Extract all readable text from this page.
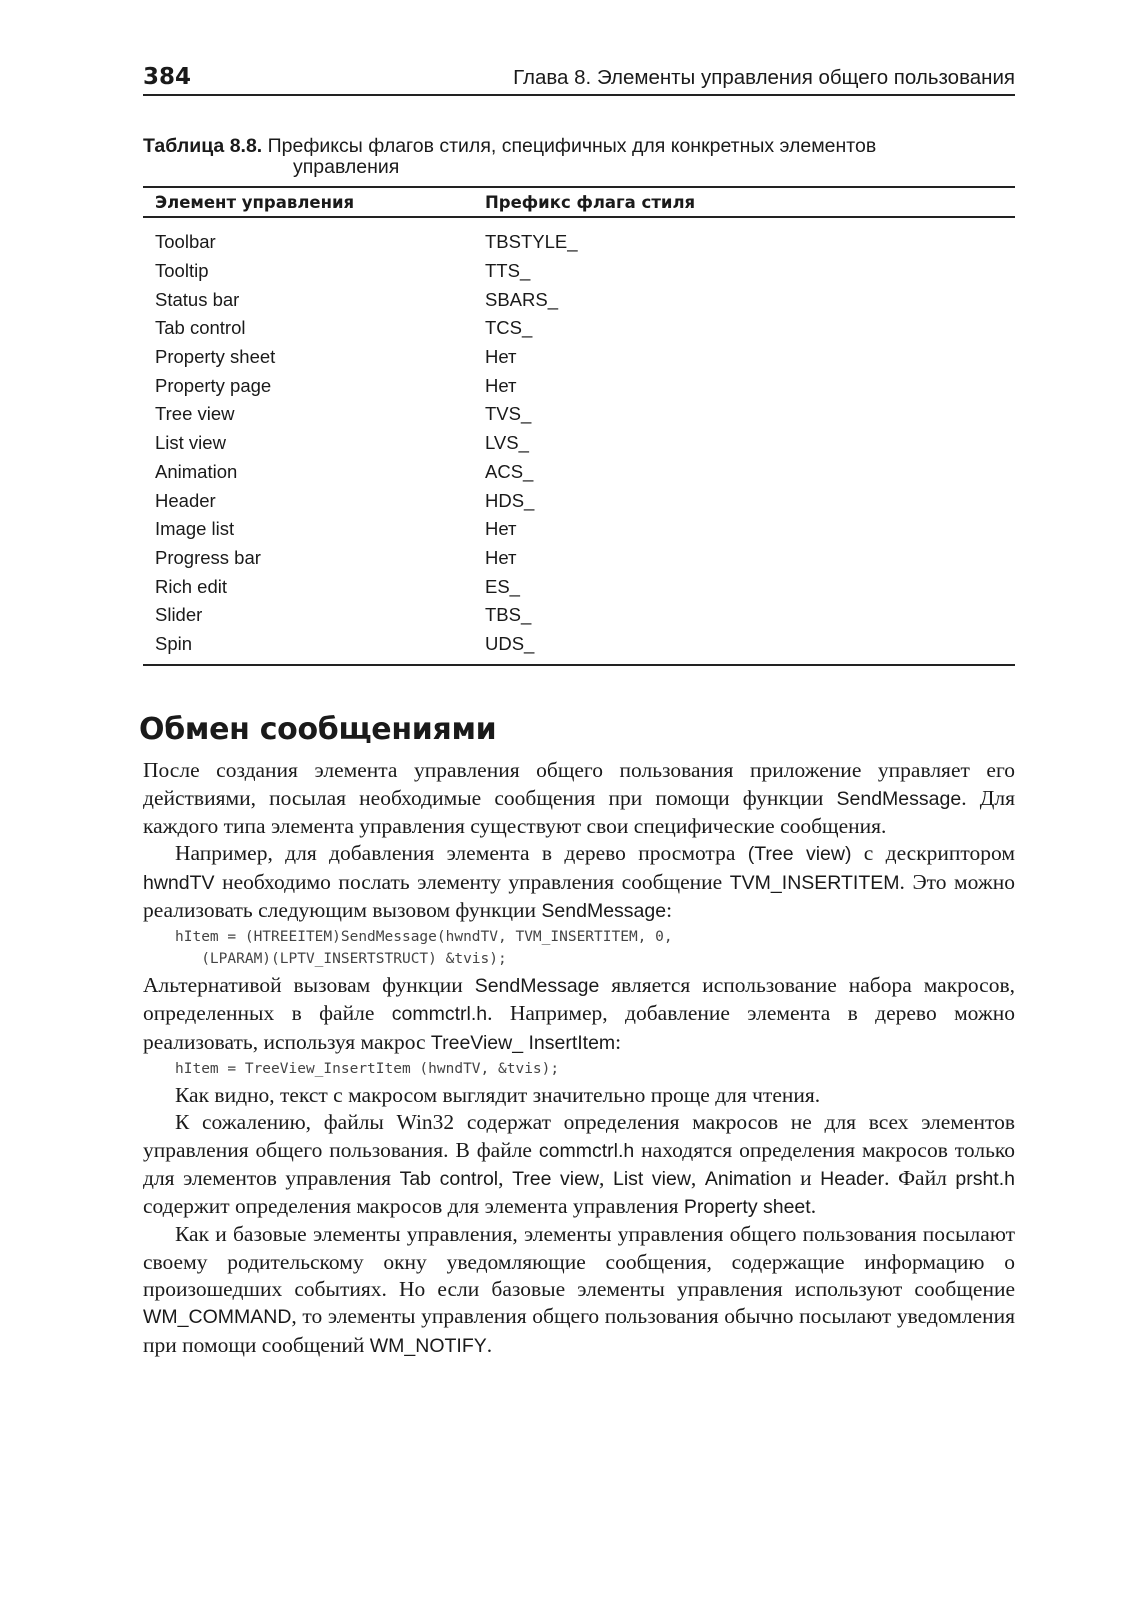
384	Глава 8. Элементы управления общего пользования
Таблица 8.8. Префиксы флагов стиля, специфичных для конкретных элементов
управления
Элемент управления	Префикс флага стиля
Toolbar	TBSTYLE_
Tooltip	TTS_
Status bar	SBARS_
Tab control	TCS_
Property sheet	Нет
Property page	Нет
Tree view	TVS_
List view	LVS_
Animation	ACS_
Header	HDS_
Image list	Нет
Progress bar	Нет
Rich edit	ES_
Slider	TBS_
Spin	UDS_
Обмен сообщениями

После создания элемента управления общего пользования приложение управляет его действиями, посылая необходимые сообщения при помощи функции SendMessage. Для каждого типа элемента управления существуют свои специфические сообщения.

Например, для добавления элемента в дерево просмотра (Tree view) с дескриптором hwndTV необходимо послать элементу управления сообщение TVM_INSERTITEM. Это можно реализовать следующим вызовом функции SendMessage:

hItem = (HTREEITEM)SendMessage(hwndTV, TVM_INSERTITEM, 0,
(LPARAM)(LPTV_INSERTSTRUCT) &tvis);

Альтернативой вызовам функции SendMessage является использование набора макросов, определенных в файле commctrl.h. Например, добавление элемента в дерево можно реализовать, используя макрос TreeView_ InsertItem:

hItem = TreeView_InsertItem (hwndTV, &tvis);

Как видно, текст с макросом выглядит значительно проще для чтения.

К сожалению, файлы Win32 содержат определения макросов не для всех элементов управления общего пользования. В файле commctrl.h находятся определения макросов только для элементов управления Tab control, Tree view, List view, Animation и Header. Файл prsht.h содержит определения макросов для элемента управления Property sheet.

Как и базовые элементы управления, элементы управления общего пользования посылают своему родительскому окну уведомляющие сообщения, содержащие информацию о произошедших событиях. Но если базовые элементы управления используют сообщение WM_COMMAND, то элементы управления общего пользования обычно посылают уведомления при помощи сообщений WM_NOTIFY.
